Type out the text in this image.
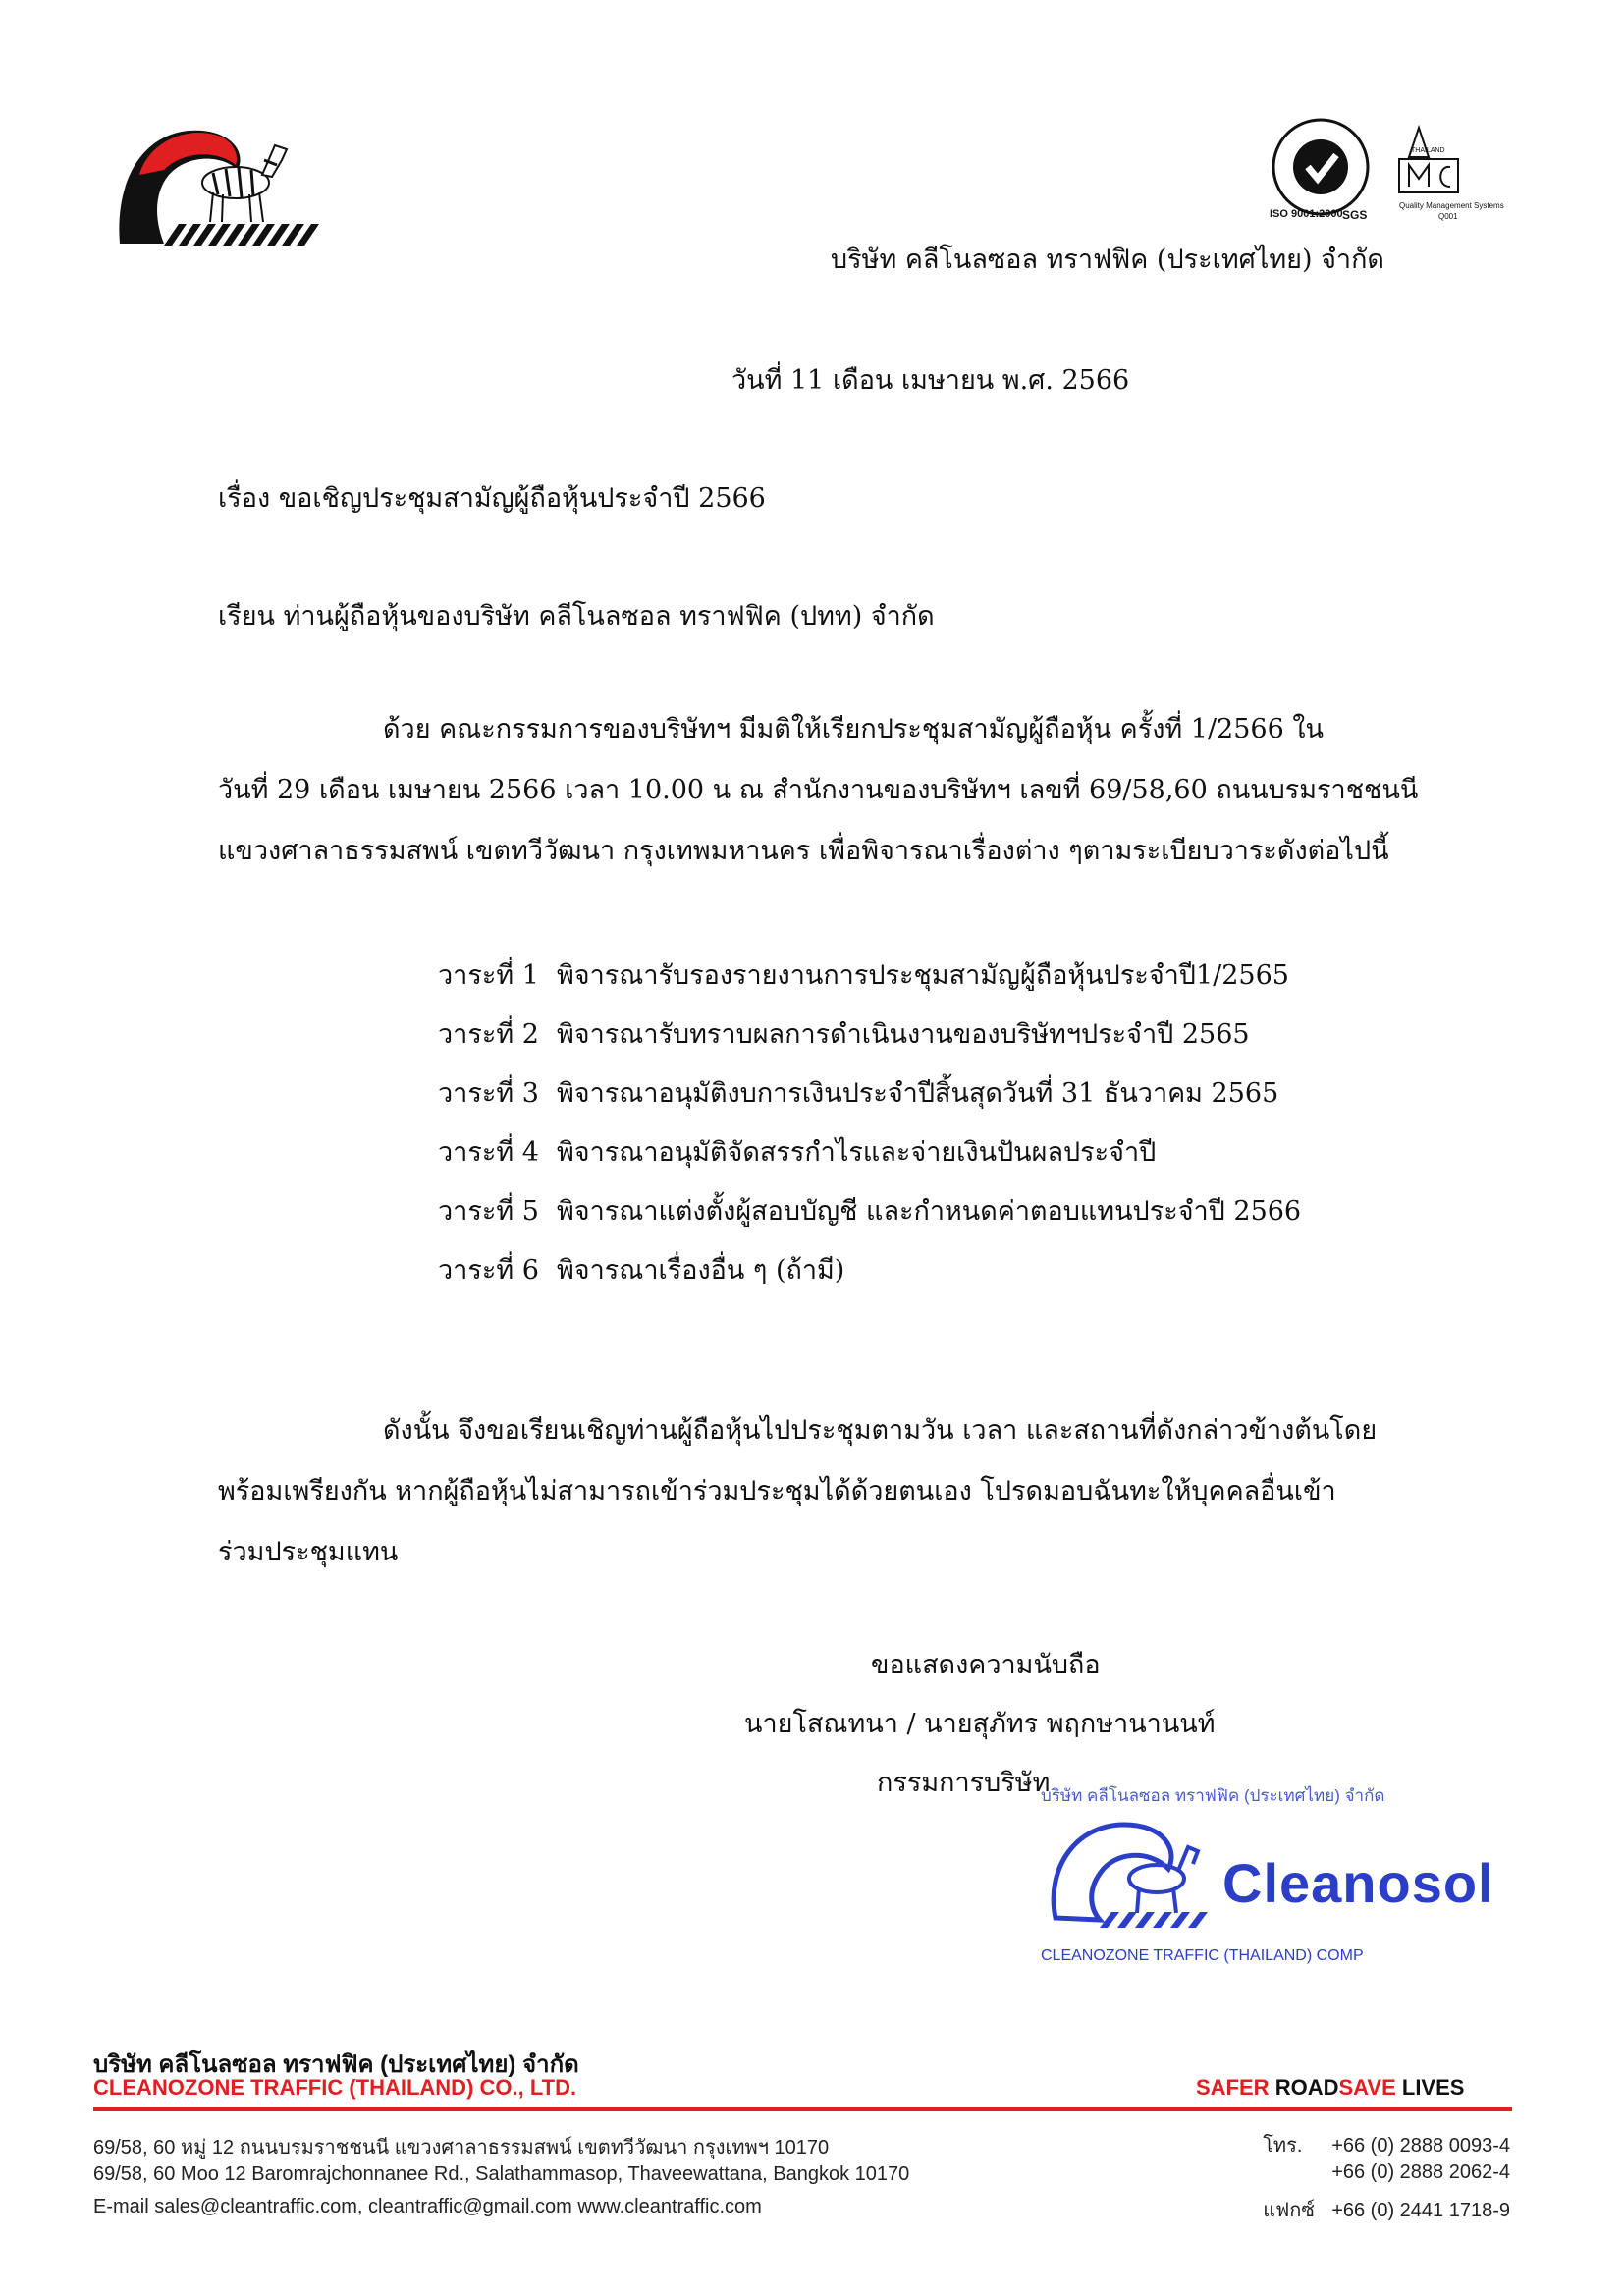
ISO 9001:2000 SGS
THAILAND
Quality Management Systems
Q001
บริษัท คลีโนลซอล ทราฟฟิค (ประเทศไทย) จำกัด
วันที่ 11 เดือน เมษายน พ.ศ. 2566
เรื่อง ขอเชิญประชุมสามัญผู้ถือหุ้นประจำปี 2566
เรียน ท่านผู้ถือหุ้นของบริษัท คลีโนลซอล ทราฟฟิค (ปทท) จำกัด
ด้วย คณะกรรมการของบริษัทฯ มีมติให้เรียกประชุมสามัญผู้ถือหุ้น ครั้งที่ 1/2566 ใน
วันที่ 29 เดือน เมษายน 2566 เวลา 10.00 น ณ สำนักงานของบริษัทฯ เลขที่ 69/58,60 ถนนบรมราชชนนี
แขวงศาลาธรรมสพน์ เขตทวีวัฒนา กรุงเทพมหานคร เพื่อพิจารณาเรื่องต่าง ๆตามระเบียบวาระดังต่อไปนี้
วาระที่ 1 พิจารณารับรองรายงานการประชุมสามัญผู้ถือหุ้นประจำปี1/2565
วาระที่ 2 พิจารณารับทราบผลการดำเนินงานของบริษัทฯประจำปี 2565
วาระที่ 3 พิจารณาอนุมัติงบการเงินประจำปีสิ้นสุดวันที่ 31 ธันวาคม 2565
วาระที่ 4 พิจารณาอนุมัติจัดสรรกำไรและจ่ายเงินปันผลประจำปี
วาระที่ 5 พิจารณาแต่งตั้งผู้สอบบัญชี และกำหนดค่าตอบแทนประจำปี 2566
วาระที่ 6 พิจารณาเรื่องอื่น ๆ (ถ้ามี)
ดังนั้น จึงขอเรียนเชิญท่านผู้ถือหุ้นไปประชุมตามวัน เวลา และสถานที่ดังกล่าวข้างต้นโดย
พร้อมเพรียงกัน หากผู้ถือหุ้นไม่สามารถเข้าร่วมประชุมได้ด้วยตนเอง โปรดมอบฉันทะให้บุคคลอื่นเข้า
ร่วมประชุมแทน
ขอแสดงความนับถือ
นายโสณทนา / นายสุภัทร พฤกษานานนท์
กรรมการบริษัท
บริษัท คลีโนลซอล ทราฟฟิค (ประเทศไทย) จำกัด
Cleanosol
CLEANOZONE TRAFFIC (THAILAND) COMP
บริษัท คลีโนลซอล ทราฟฟิค (ประเทศไทย) จำกัด
CLEANOZONE TRAFFIC (THAILAND) CO., LTD.	SAFER ROADSAVE LIVES
69/58, 60 หมู่ 12 ถนนบรมราชชนนี แขวงศาลาธรรมสพน์ เขตทวีวัฒนา กรุงเทพฯ 10170
69/58, 60 Moo 12 Baromrajchonnanee Rd., Salathammasop, Thaveewattana, Bangkok 10170
E-mail sales@cleantraffic.com, cleantraffic@gmail.com www.cleantraffic.com
โทร. +66 (0) 2888 0093-4
+66 (0) 2888 2062-4
แฟกซ์ +66 (0) 2441 1718-9
